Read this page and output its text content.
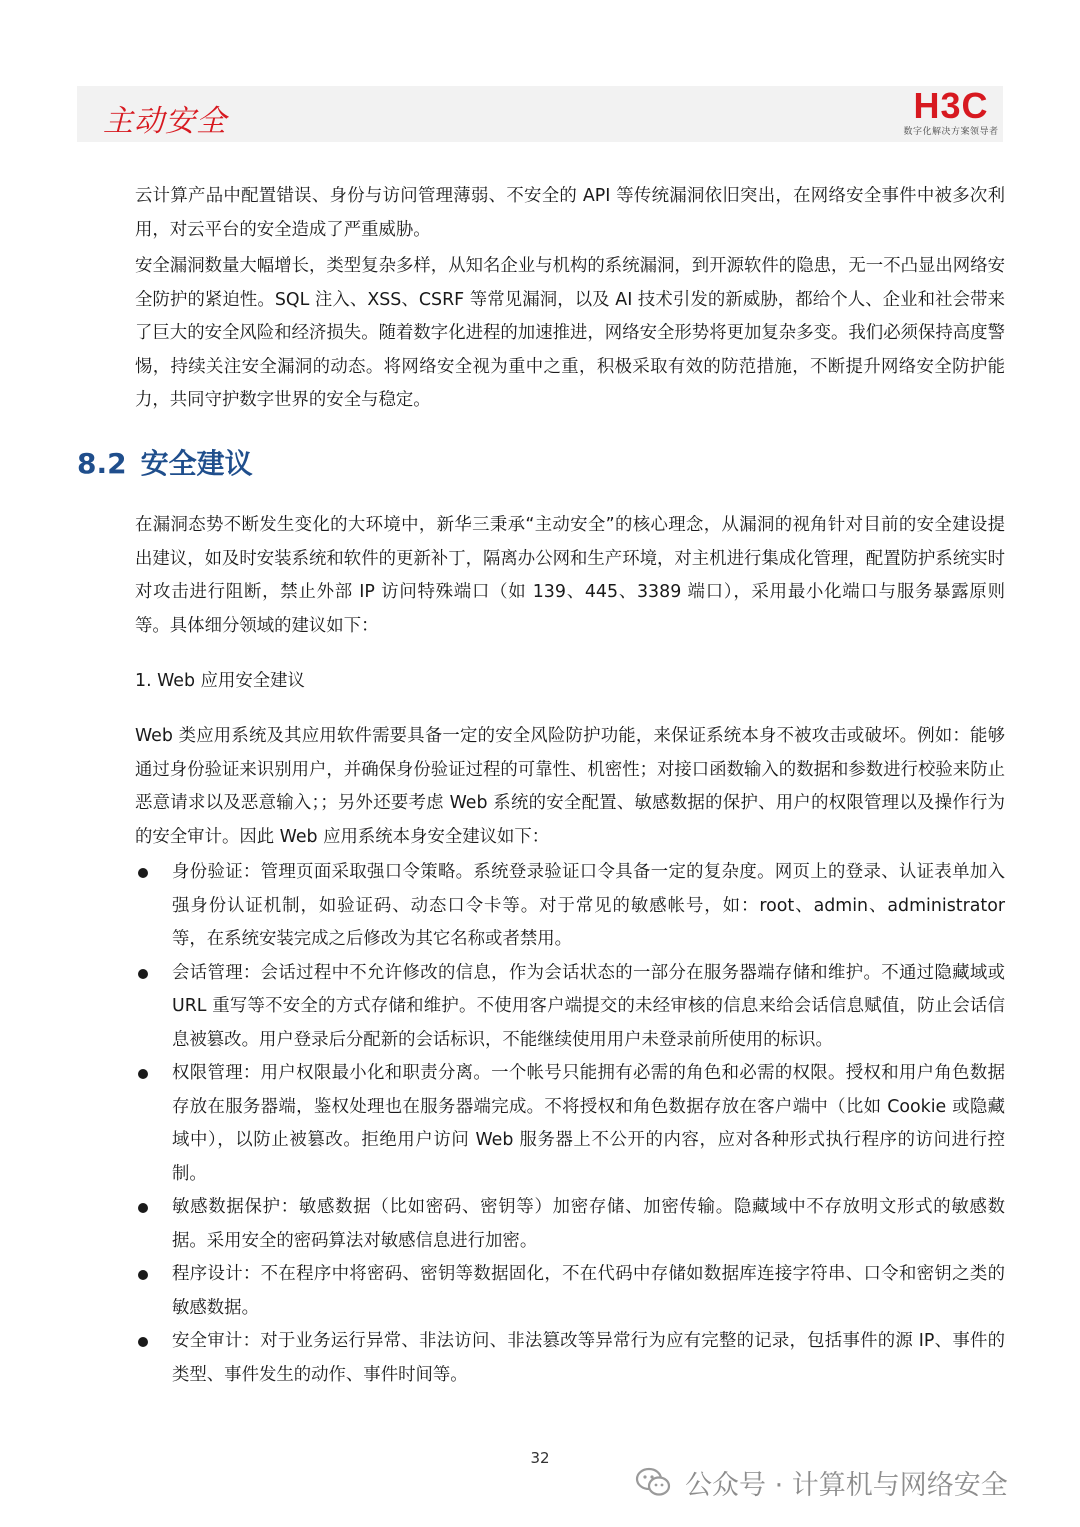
主动安全	H3C
数字化解决方案领导者

云计算产品中配置错误、身份与访问管理薄弱、不安全的 API 等传统漏洞依旧突出，在网络安全事件中被多次利用，对云平台的安全造成了严重威胁。

安全漏洞数量大幅增长，类型复杂多样，从知名企业与机构的系统漏洞，到开源软件的隐患，无一不凸显出网络安全防护的紧迫性。SQL 注入、XSS、CSRF 等常见漏洞，以及 AI 技术引发的新威胁，都给个人、企业和社会带来了巨大的安全风险和经济损失。随着数字化进程的加速推进，网络安全形势将更加复杂多变。我们必须保持高度警惕，持续关注安全漏洞的动态。将网络安全视为重中之重，积极采取有效的防范措施，不断提升网络安全防护能力，共同守护数字世界的安全与稳定。

8.2 安全建议

在漏洞态势不断发生变化的大环境中，新华三秉承“主动安全”的核心理念，从漏洞的视角针对目前的安全建设提出建议，如及时安装系统和软件的更新补丁，隔离办公网和生产环境，对主机进行集成化管理，配置防护系统实时对攻击进行阻断，禁止外部 IP 访问特殊端口（如 139、445、3389 端口），采用最小化端口与服务暴露原则等。具体细分领域的建议如下：

1. Web 应用安全建议

Web 类应用系统及其应用软件需要具备一定的安全风险防护功能，来保证系统本身不被攻击或破坏。例如：能够通过身份验证来识别用户，并确保身份验证过程的可靠性、机密性；对接口函数输入的数据和参数进行校验来防止恶意请求以及恶意输入；；另外还要考虑 Web 系统的安全配置、敏感数据的保护、用户的权限管理以及操作行为的安全审计。因此 Web 应用系统本身安全建议如下：

身份验证：管理页面采取强口令策略。系统登录验证口令具备一定的复杂度。网页上的登录、认证表单加入强身份认证机制，如验证码、动态口令卡等。对于常见的敏感帐号，如：root、admin、administrator 等，在系统安装完成之后修改为其它名称或者禁用。
会话管理：会话过程中不允许修改的信息，作为会话状态的一部分在服务器端存储和维护。不通过隐藏域或 URL 重写等不安全的方式存储和维护。不使用客户端提交的未经审核的信息来给会话信息赋值，防止会话信息被篡改。用户登录后分配新的会话标识，不能继续使用用户未登录前所使用的标识。
权限管理：用户权限最小化和职责分离。一个帐号只能拥有必需的角色和必需的权限。授权和用户角色数据存放在服务器端，鉴权处理也在服务器端完成。不将授权和角色数据存放在客户端中（比如 Cookie 或隐藏域中），以防止被篡改。拒绝用户访问 Web 服务器上不公开的内容，应对各种形式执行程序的访问进行控制。
敏感数据保护：敏感数据（比如密码、密钥等）加密存储、加密传输。隐藏域中不存放明文形式的敏感数据。采用安全的密码算法对敏感信息进行加密。
程序设计：不在程序中将密码、密钥等数据固化，不在代码中存储如数据库连接字符串、口令和密钥之类的敏感数据。
安全审计：对于业务运行异常、非法访问、非法篡改等异常行为应有完整的记录，包括事件的源 IP、事件的类型、事件发生的动作、事件时间等。
32
公众号 · 计算机与网络安全
